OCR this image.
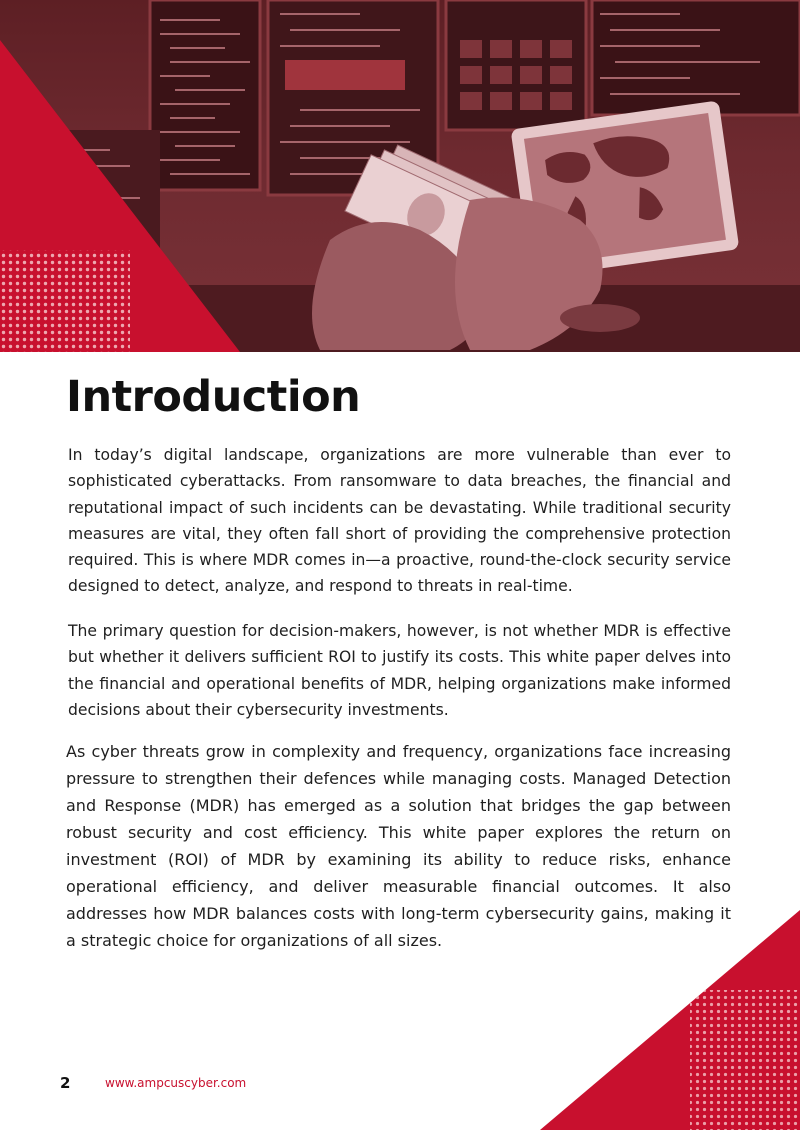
Introduction

In today’s digital landscape, organizations are more vulnerable than ever to sophisticated cyberattacks. From ransomware to data breaches, the financial and reputational impact of such incidents can be devastating. While traditional security measures are vital, they often fall short of providing the comprehensive protection required. This is where MDR comes in—a proactive, round-the-clock security service designed to detect, analyze, and respond to threats in real-time.

The primary question for decision-makers, however, is not whether MDR is effective but whether it delivers sufficient ROI to justify its costs. This white paper delves into the financial and operational benefits of MDR, helping organizations make informed decisions about their cybersecurity investments.

As cyber threats grow in complexity and frequency, organizations face increasing pressure to strengthen their defences while managing costs. Managed Detection and Response (MDR) has emerged as a solution that bridges the gap between robust security and cost efficiency. This white paper explores the return on investment (ROI) of MDR by examining its ability to reduce risks, enhance operational efficiency, and deliver measurable financial outcomes. It also addresses how MDR balances costs with long-term cybersecurity gains, making it a strategic choice for organizations of all sizes.

2	www.ampcuscyber.com
